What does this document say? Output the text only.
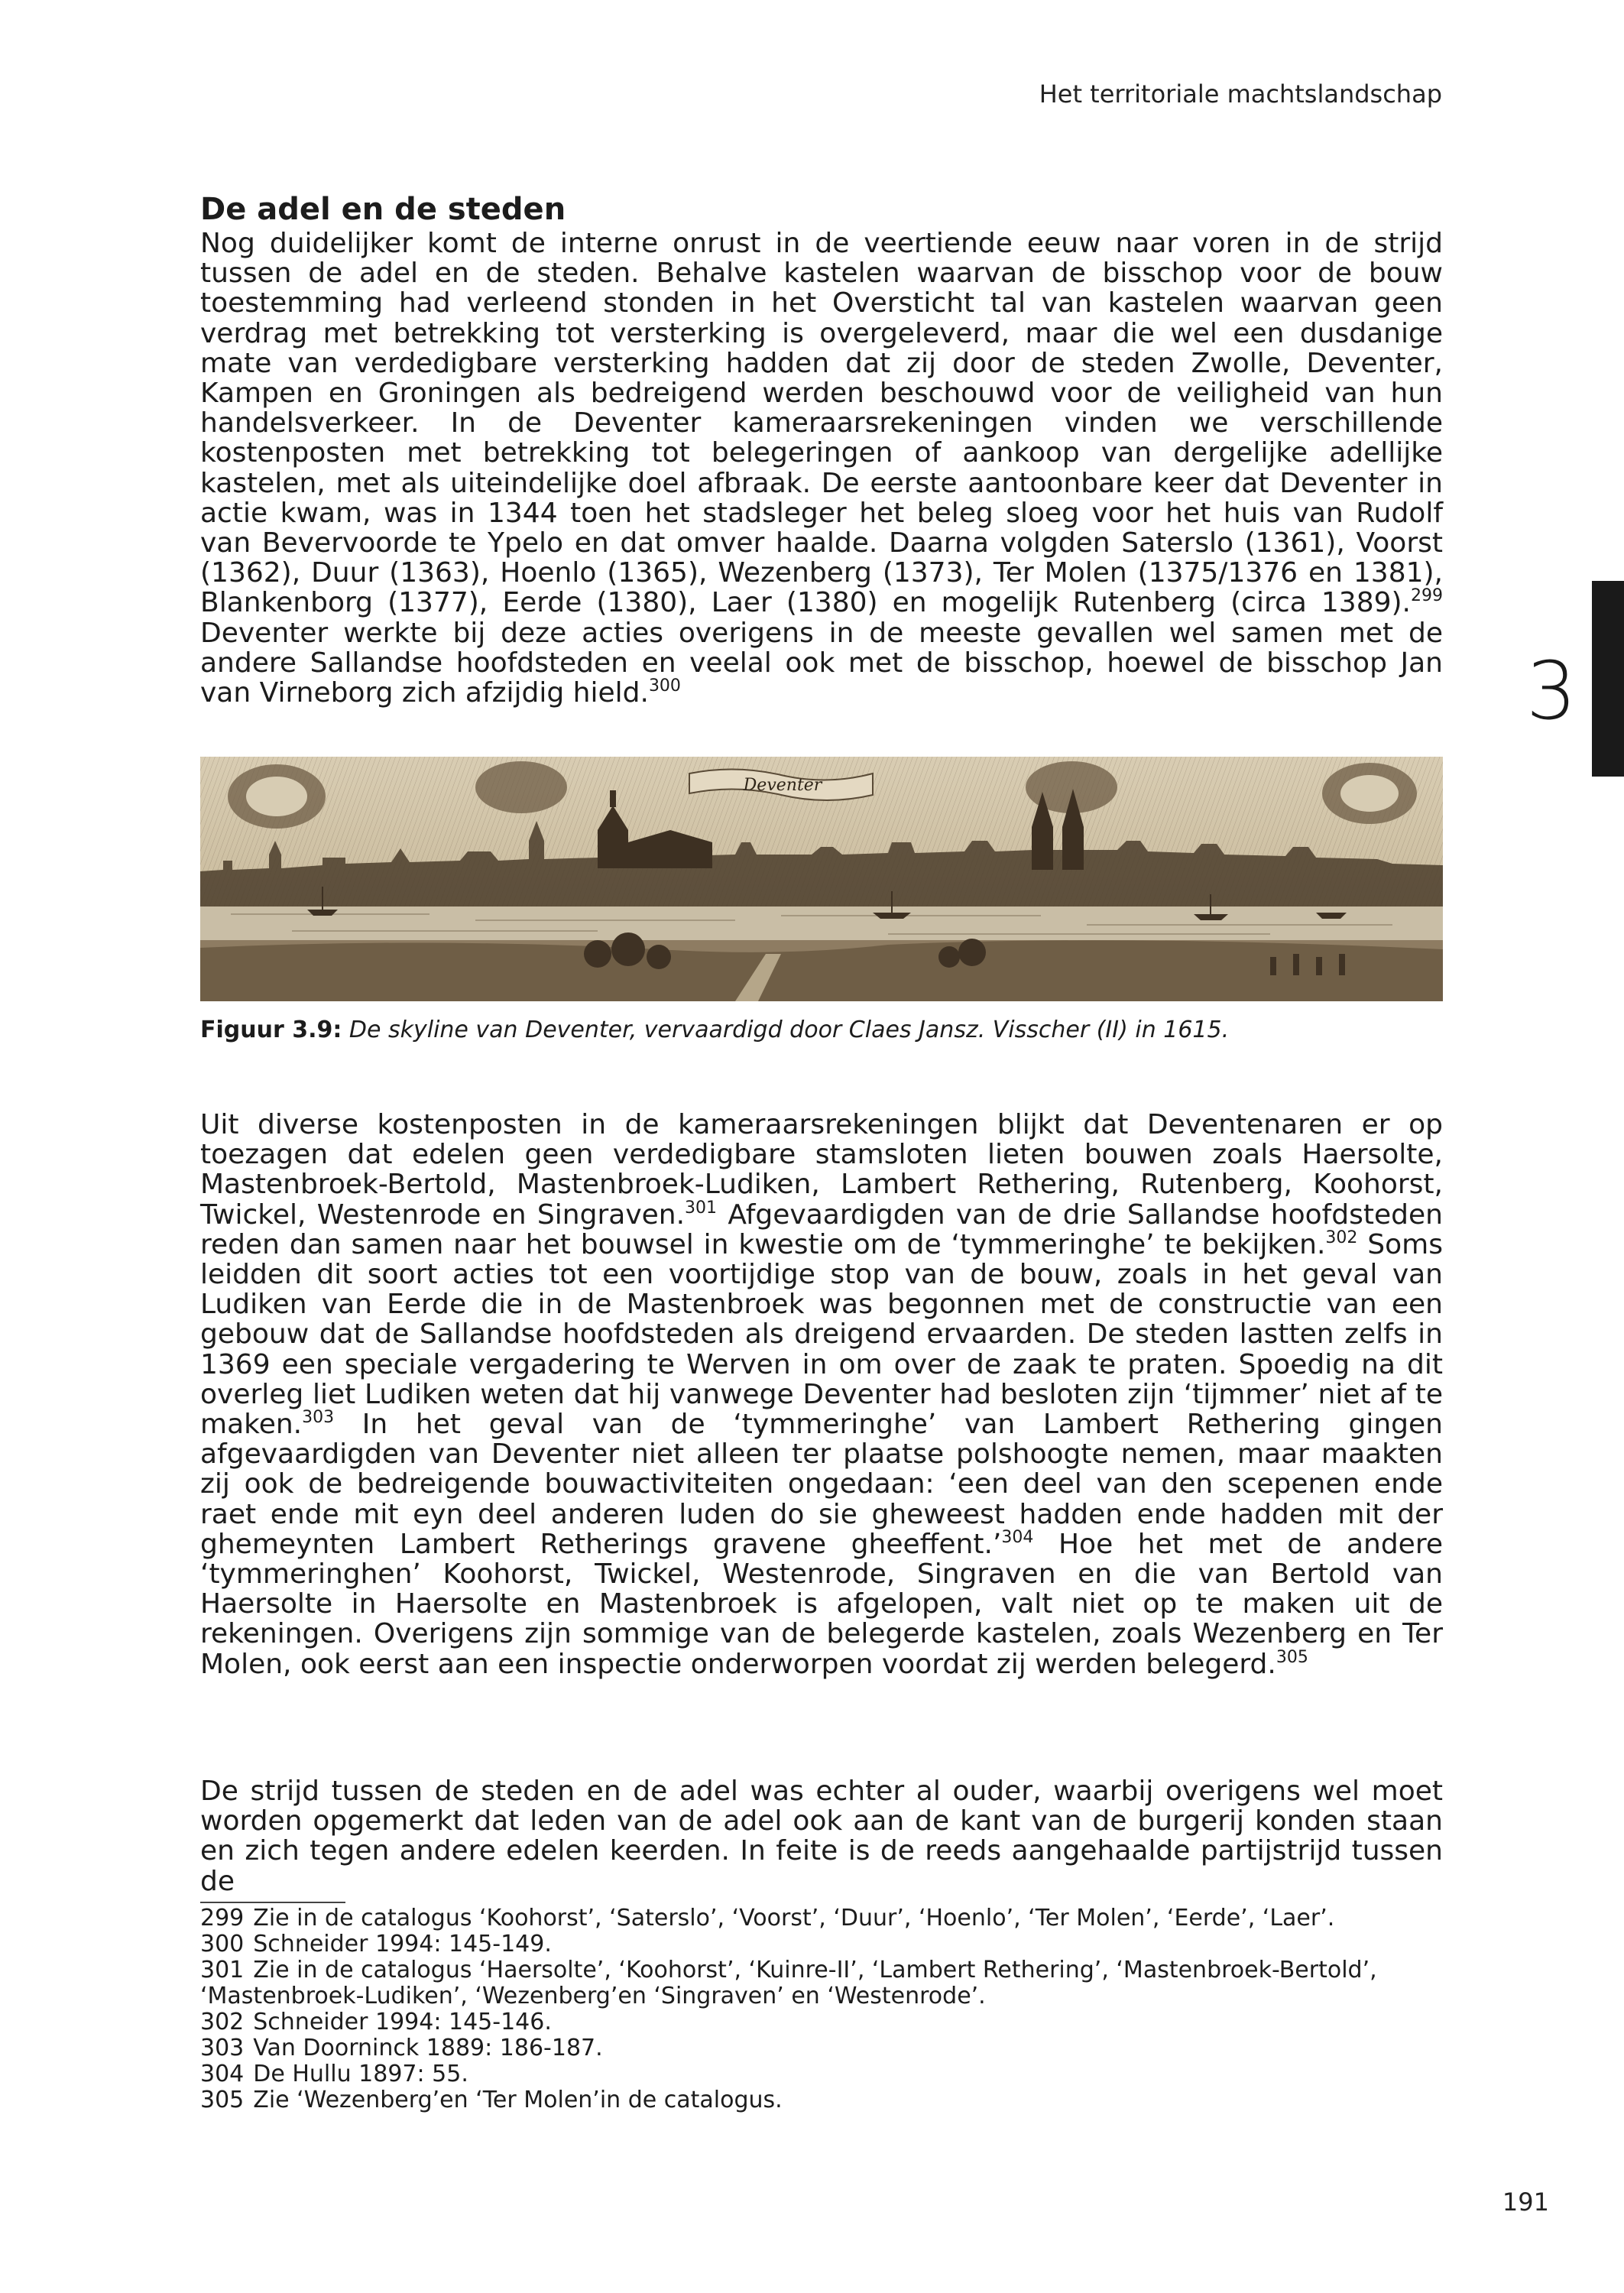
Het territoriale machtslandschap
3
De adel en de steden

Nog duidelijker komt de interne onrust in de veertiende eeuw naar voren in de strijd tussen de adel en de steden. Behalve kastelen waarvan de bisschop voor de bouw toestemming had verleend stonden in het Oversticht tal van kastelen waarvan geen verdrag met betrekking tot versterking is overgeleverd, maar die wel een dusdanige mate van verdedigbare versterking hadden dat zij door de steden Zwolle, Deventer, Kampen en Groningen als bedreigend werden beschouwd voor de veiligheid van hun handelsverkeer. In de Deventer kameraarsrekeningen vinden we verschillende kostenposten met betrekking tot belegeringen of aankoop van dergelijke adellijke kastelen, met als uiteindelijke doel afbraak. De eerste aantoonbare keer dat Deventer in actie kwam, was in 1344 toen het stadsleger het beleg sloeg voor het huis van Rudolf van Bevervoorde te Ypelo en dat omver haalde. Daarna volgden Saterslo (1361), Voorst (1362), Duur (1363), Hoenlo (1365), Wezenberg (1373), Ter Molen (1375/1376 en 1381), Blankenborg (1377), Eerde (1380), Laer (1380) en mogelijk Rutenberg (circa 1389).$^{299}$ Deventer werkte bij deze acties overigens in de meeste gevallen wel samen met de andere Sallandse hoofdsteden en veelal ook met de bisschop, hoewel de bisschop Jan van Virneborg zich afzijdig hield.$^{300}$

Deventer
Figuur 3.9: De skyline van Deventer, vervaardigd door Claes Jansz. Visscher (II) in 1615.

Uit diverse kostenposten in de kameraarsrekeningen blijkt dat Deventenaren er op toezagen dat edelen geen verdedigbare stamsloten lieten bouwen zoals Haersolte, Mastenbroek-Bertold, Mastenbroek-Ludiken, Lambert Rethering, Rutenberg, Koohorst, Twickel, Westenrode en Singraven.$^{301}$ Afgevaardigden van de drie Sallandse hoofdsteden reden dan samen naar het bouwsel in kwestie om de ‘tymmeringhe’ te bekijken.$^{302}$ Soms leidden dit soort acties tot een voortijdige stop van de bouw, zoals in het geval van Ludiken van Eerde die in de Mastenbroek was begonnen met de constructie van een gebouw dat de Sallandse hoofdsteden als dreigend ervaarden. De steden lastten zelfs in 1369 een speciale vergadering te Werven in om over de zaak te praten. Spoedig na dit overleg liet Ludiken weten dat hij vanwege Deventer had besloten zijn ‘tijmmer’ niet af te maken.$^{303}$ In het geval van de ‘tymmeringhe’ van Lambert Rethering gingen afgevaardigden van Deventer niet alleen ter plaatse polshoogte nemen, maar maakten zij ook de bedreigende bouwactiviteiten ongedaan: ‘een deel van den scepenen ende raet ende mit eyn deel anderen luden do sie gheweest hadden ende hadden mit der ghemeynten Lambert Retherings gravene gheeffent.’$^{304}$ Hoe het met de andere ‘tymmeringhen’ Koohorst, Twickel, Westenrode, Singraven en die van Bertold van Haersolte in Haersolte en Mastenbroek is afgelopen, valt niet op te maken uit de rekeningen. Overigens zijn sommige van de belegerde kastelen, zoals Wezenberg en Ter Molen, ook eerst aan een inspectie onderworpen voordat zij werden belegerd.$^{305}$

De strijd tussen de steden en de adel was echter al ouder, waarbij overigens wel moet worden opgemerkt dat leden van de adel ook aan de kant van de burgerij konden staan en zich tegen andere edelen keerden. In feite is de reeds aangehaalde partijstrijd tussen de

299 Zie in de catalogus ‘Koohorst’, ‘Saterslo’, ‘Voorst’, ‘Duur’, ‘Hoenlo’, ‘Ter Molen’, ‘Eerde’, ‘Laer’.
300 Schneider 1994: 145-149.
301 Zie in de catalogus ‘Haersolte’, ‘Koohorst’, ‘Kuinre-II’, ‘Lambert Rethering’, ‘Mastenbroek-Bertold’, ‘Mastenbroek-Ludiken’, ‘Wezenberg’en ‘Singraven’ en ‘Westenrode’.
302 Schneider 1994: 145-146.
303 Van Doorninck 1889: 186-187.
304 De Hullu 1897: 55.
305 Zie ‘Wezenberg’en ‘Ter Molen’in de catalogus.
191
